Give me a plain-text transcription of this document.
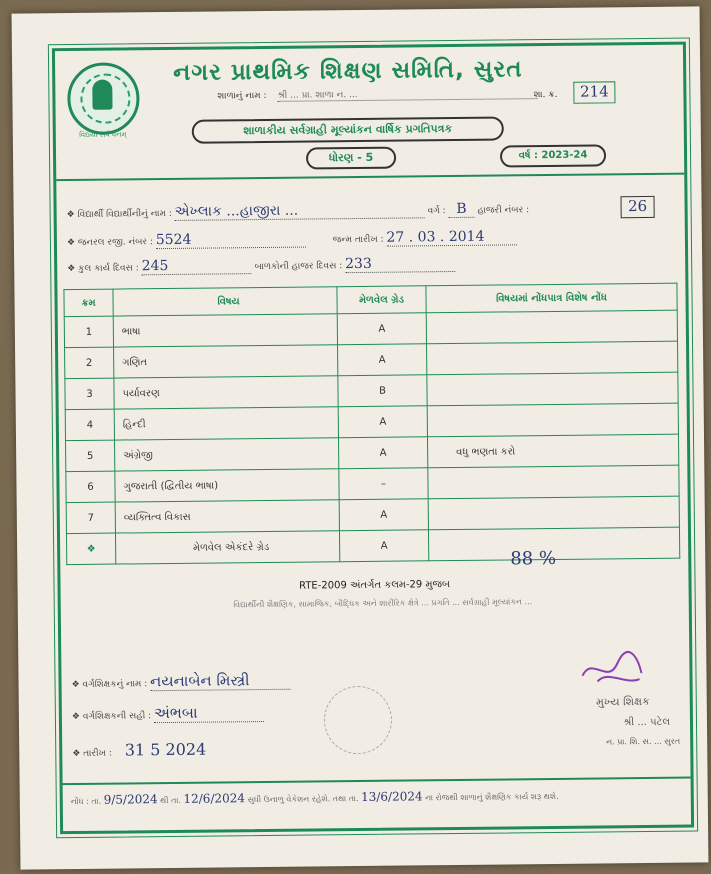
વિદ્યયા સર્વ ધનમ્
નગર પ્રાથમિક શિક્ષણ સમિતિ, સુરત
શાળાનું નામ : શ્રી ... પ્રા. શાળા ન. ...	શા. ક્ર.	214
શાળાકીય સર્વગ્રાહી મૂલ્યાંકન વાર્ષિક પ્રગતિપત્રક
ધોરણ - 5	વર્ષ : 2023-24
❖ વિદ્યાર્થી વિદ્યાર્થીનીનું નામ : એખ્લાક ...હાજીરા ...	વર્ગ : B હાજરી નંબર :	26
❖ જનરલ રજી. નંબર : 5524	જન્મ તારીખ : 27 . 03 . 2014
❖ કુલ કાર્ય દિવસ : 245	બાળકોની હાજર દિવસ : 233
ક્રમ	વિષય	મેળવેલ ગ્રેડ	વિષયમાં નોંધપાત્ર વિશેષ નોંધ
1	ભાષા	A	
2	ગણિત	A	
3	પર્યાવરણ	B	
4	હિન્દી	A	
5	અંગ્રેજી	A	વધુ ભણતા કરો
6	ગુજરાતી (દ્વિતીય ભાષા)	–	
7	વ્યક્તિત્વ વિકાસ	A	
❖	મેળવેલ એકંદરે ગ્રેડ	A	
88 %
RTE-2009 અંતર્ગત કલમ-29 મુજબ
વિદ્યાર્થીની શૈક્ષણિક, સામાજિક, બૌદ્ધિક અને શારીરિક ક્ષેત્રે ... પ્રગતિ ... સર્વગ્રાહી મૂલ્યાંકન ...
❖ વર્ગશિક્ષકનું નામ : નયનાબેન મિસ્ત્રી
❖ વર્ગશિક્ષકની સહી : અંભબા
❖ તારીખ : 31 5 2024
મુખ્ય શિક્ષક
શ્રી ... પટેલ
ન. પ્રા. શિ. સ. ... સુરત
નોંધ : તા. 9/5/2024 થી તા. 12/6/2024 સુધી ઉનાળુ વેકેશન રહેશે. તથા તા. 13/6/2024 ના રોજથી શાળાનું શૈક્ષણિક કાર્ય શરૂ થશે.
